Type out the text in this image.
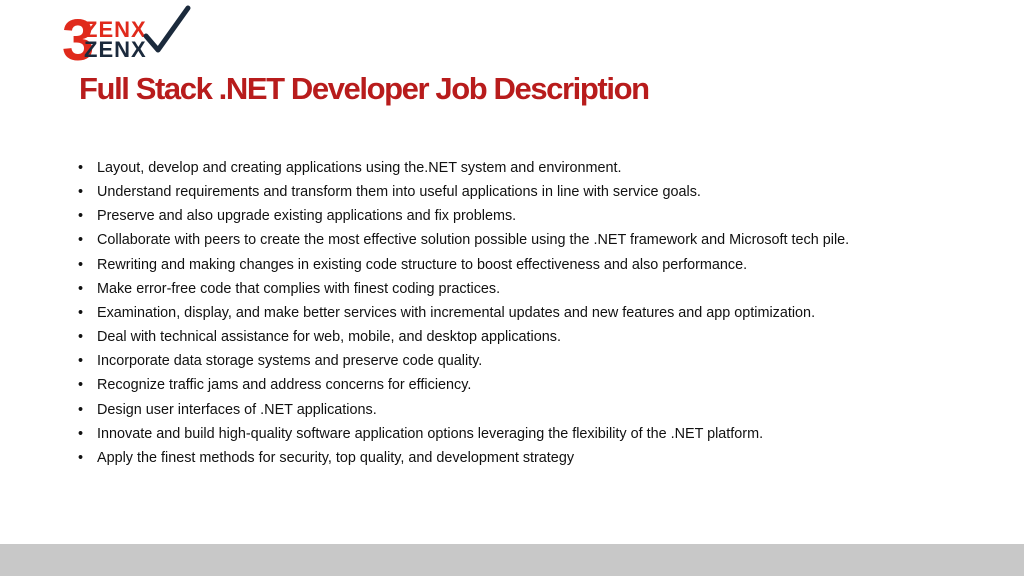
3
ZENX
ZENX
Full Stack .NET Developer Job Description
• Layout, develop and creating applications using the.NET system and environment.
• Understand requirements and transform them into useful applications in line with service goals.
• Preserve and also upgrade existing applications and fix problems.
• Collaborate with peers to create the most effective solution possible using the .NET framework and Microsoft tech pile.
• Rewriting and making changes in existing code structure to boost effectiveness and also performance.
• Make error-free code that complies with finest coding practices.
• Examination, display, and make better services with incremental updates and new features and app optimization.
• Deal with technical assistance for web, mobile, and desktop applications.
• Incorporate data storage systems and preserve code quality.
• Recognize traffic jams and address concerns for efficiency.
• Design user interfaces of .NET applications.
• Innovate and build high-quality software application options leveraging the flexibility of the .NET platform.
• Apply the finest methods for security, top quality, and development strategy
